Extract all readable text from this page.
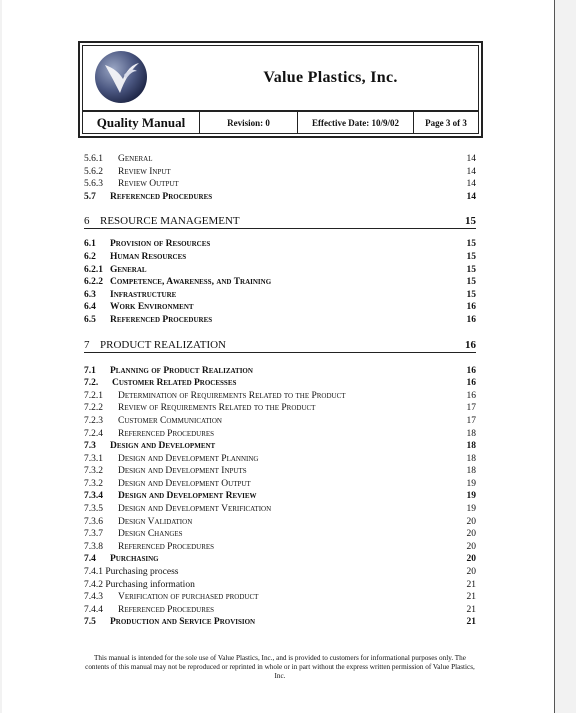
Value Plastics, Inc.
Quality Manual	Revision: 0	Effective Date: 10/9/02	Page 3 of 3
5.6.1 General	14
5.6.2 Review Input	14
5.6.3 Review Output	14
5.7 Referenced Procedures	14
6 RESOURCE MANAGEMENT	15
6.1 Provision of Resources	15
6.2 Human Resources	15
6.2.1 General	15
6.2.2 Competence, Awareness, and Training	15
6.3 Infrastructure	15
6.4 Work Environment	16
6.5 Referenced Procedures	16
7 PRODUCT REALIZATION	16
7.1 Planning of Product Realization	16
7.2. Customer Related Processes	16
7.2.1 Determination of Requirements Related to the Product	16
7.2.2 Review of Requirements Related to the Product	17
7.2.3 Customer Communication	17
7.2.4 Referenced Procedures	18
7.3 Design and Development	18
7.3.1 Design and Development Planning	18
7.3.2 Design and Development Inputs	18
7.3.2 Design and Development Output	19
7.3.4 Design and Development Review	19
7.3.5 Design and Development Verification	19
7.3.6 Design Validation	20
7.3.7 Design Changes	20
7.3.8 Referenced Procedures	20
7.4 Purchasing	20
7.4.1 Purchasing process	20
7.4.2 Purchasing information	21
7.4.3 Verification of purchased product	21
7.4.4 Referenced Procedures	21
7.5 Production and Service Provision	21
This manual is intended for the sole use of Value Plastics, Inc., and is provided to customers for informational purposes only. The contents of this manual may not be reproduced or reprinted in whole or in part without the express written permission of Value Plastics, Inc.
